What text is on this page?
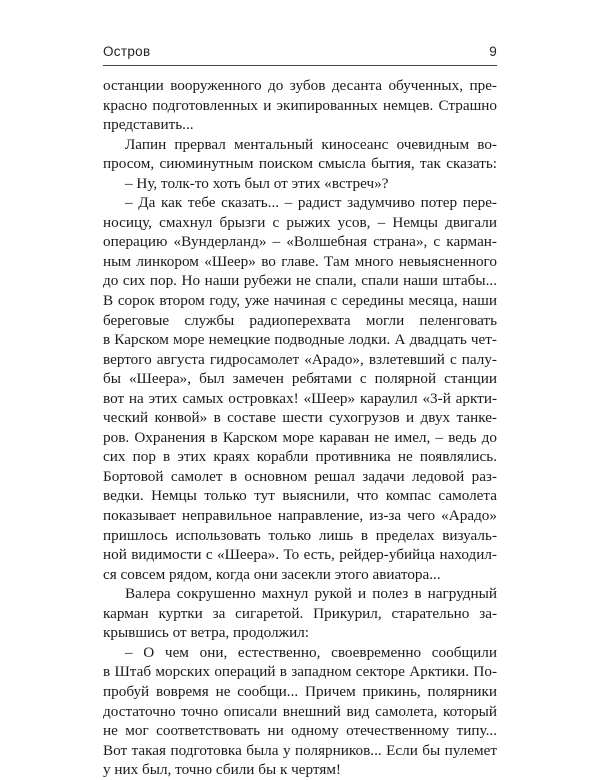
Остров	9
останции вооруженного до зубов десанта обученных, пре-
красно подготовленных и экипированных немцев. Страшно
представить...
Лапин прервал ментальный киносеанс очевидным во-
просом, сиюминутным поиском смысла бытия, так сказать:
– Ну, толк-то хоть был от этих «встреч»?
– Да как тебе сказать... – радист задумчиво потер пере-
носицу, смахнул брызги с рыжих усов, – Немцы двигали
операцию «Вундерланд» – «Волшебная страна», с карман-
ным линкором «Шеер» во главе. Там много невыясненного
до сих пор. Но наши рубежи не спали, спали наши штабы...
В сорок втором году, уже начиная с середины месяца, наши
береговые службы радиоперехвата могли пеленговать
в Карском море немецкие подводные лодки. А двадцать чет-
вертого августа гидросамолет «Арадо», взлетевший с палу-
бы «Шеера», был замечен ребятами с полярной станции
вот на этих самых островках! «Шеер» караулил «3-й аркти-
ческий конвой» в составе шести сухогрузов и двух танке-
ров. Охранения в Карском море караван не имел, – ведь до
сих пор в этих краях корабли противника не появлялись.
Бортовой самолет в основном решал задачи ледовой раз-
ведки. Немцы только тут выяснили, что компас самолета
показывает неправильное направление, из-за чего «Арадо»
пришлось использовать только лишь в пределах визуаль-
ной видимости с «Шеера». То есть, рейдер-убийца находил-
ся совсем рядом, когда они засекли этого авиатора...
Валера сокрушенно махнул рукой и полез в нагрудный
карман куртки за сигаретой. Прикурил, старательно за-
крывшись от ветра, продолжил:
– О чем они, естественно, своевременно сообщили
в Штаб морских операций в западном секторе Арктики. По-
пробуй вовремя не сообщи... Причем прикинь, полярники
достаточно точно описали внешний вид самолета, который
не мог соответствовать ни одному отечественному типу...
Вот такая подготовка была у полярников... Если бы пулемет
у них был, точно сбили бы к чертям!
